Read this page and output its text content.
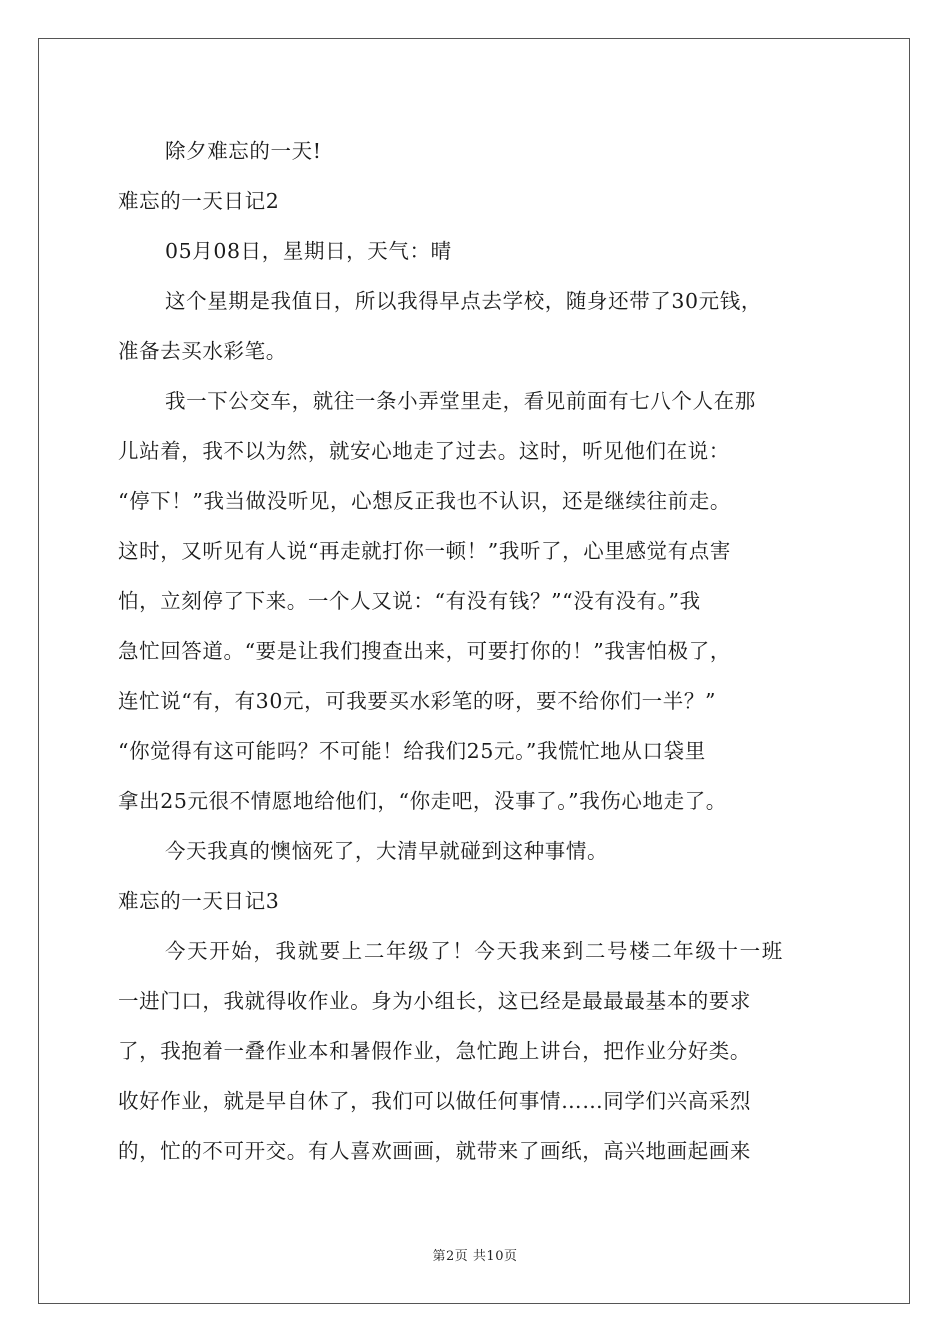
除夕难忘的一天!
难忘的一天日记2
05月08日，星期日，天气：晴
这个星期是我值日，所以我得早点去学校，随身还带了30元钱，
准备去买水彩笔。
我一下公交车，就往一条小弄堂里走，看见前面有七八个人在那
儿站着，我不以为然，就安心地走了过去。这时，听见他们在说：
“停下！”我当做没听见，心想反正我也不认识，还是继续往前走。
这时，又听见有人说“再走就打你一顿！”我听了，心里感觉有点害
怕，立刻停了下来。一个人又说：“有没有钱？”“没有没有。”我
急忙回答道。“要是让我们搜查出来，可要打你的！”我害怕极了，
连忙说“有，有30元，可我要买水彩笔的呀，要不给你们一半？”
“你觉得有这可能吗？不可能！给我们25元。”我慌忙地从口袋里
拿出25元很不情愿地给他们，“你走吧，没事了。”我伤心地走了。
今天我真的懊恼死了，大清早就碰到这种事情。
难忘的一天日记3
今天开始，我就要上二年级了！今天我来到二号楼二年级十一班
一进门口，我就得收作业。身为小组长，这已经是最最最基本的要求
了，我抱着一叠作业本和暑假作业，急忙跑上讲台，把作业分好类。
收好作业，就是早自休了，我们可以做任何事情……同学们兴高采烈
的，忙的不可开交。有人喜欢画画，就带来了画纸，高兴地画起画来
第2页 共10页
